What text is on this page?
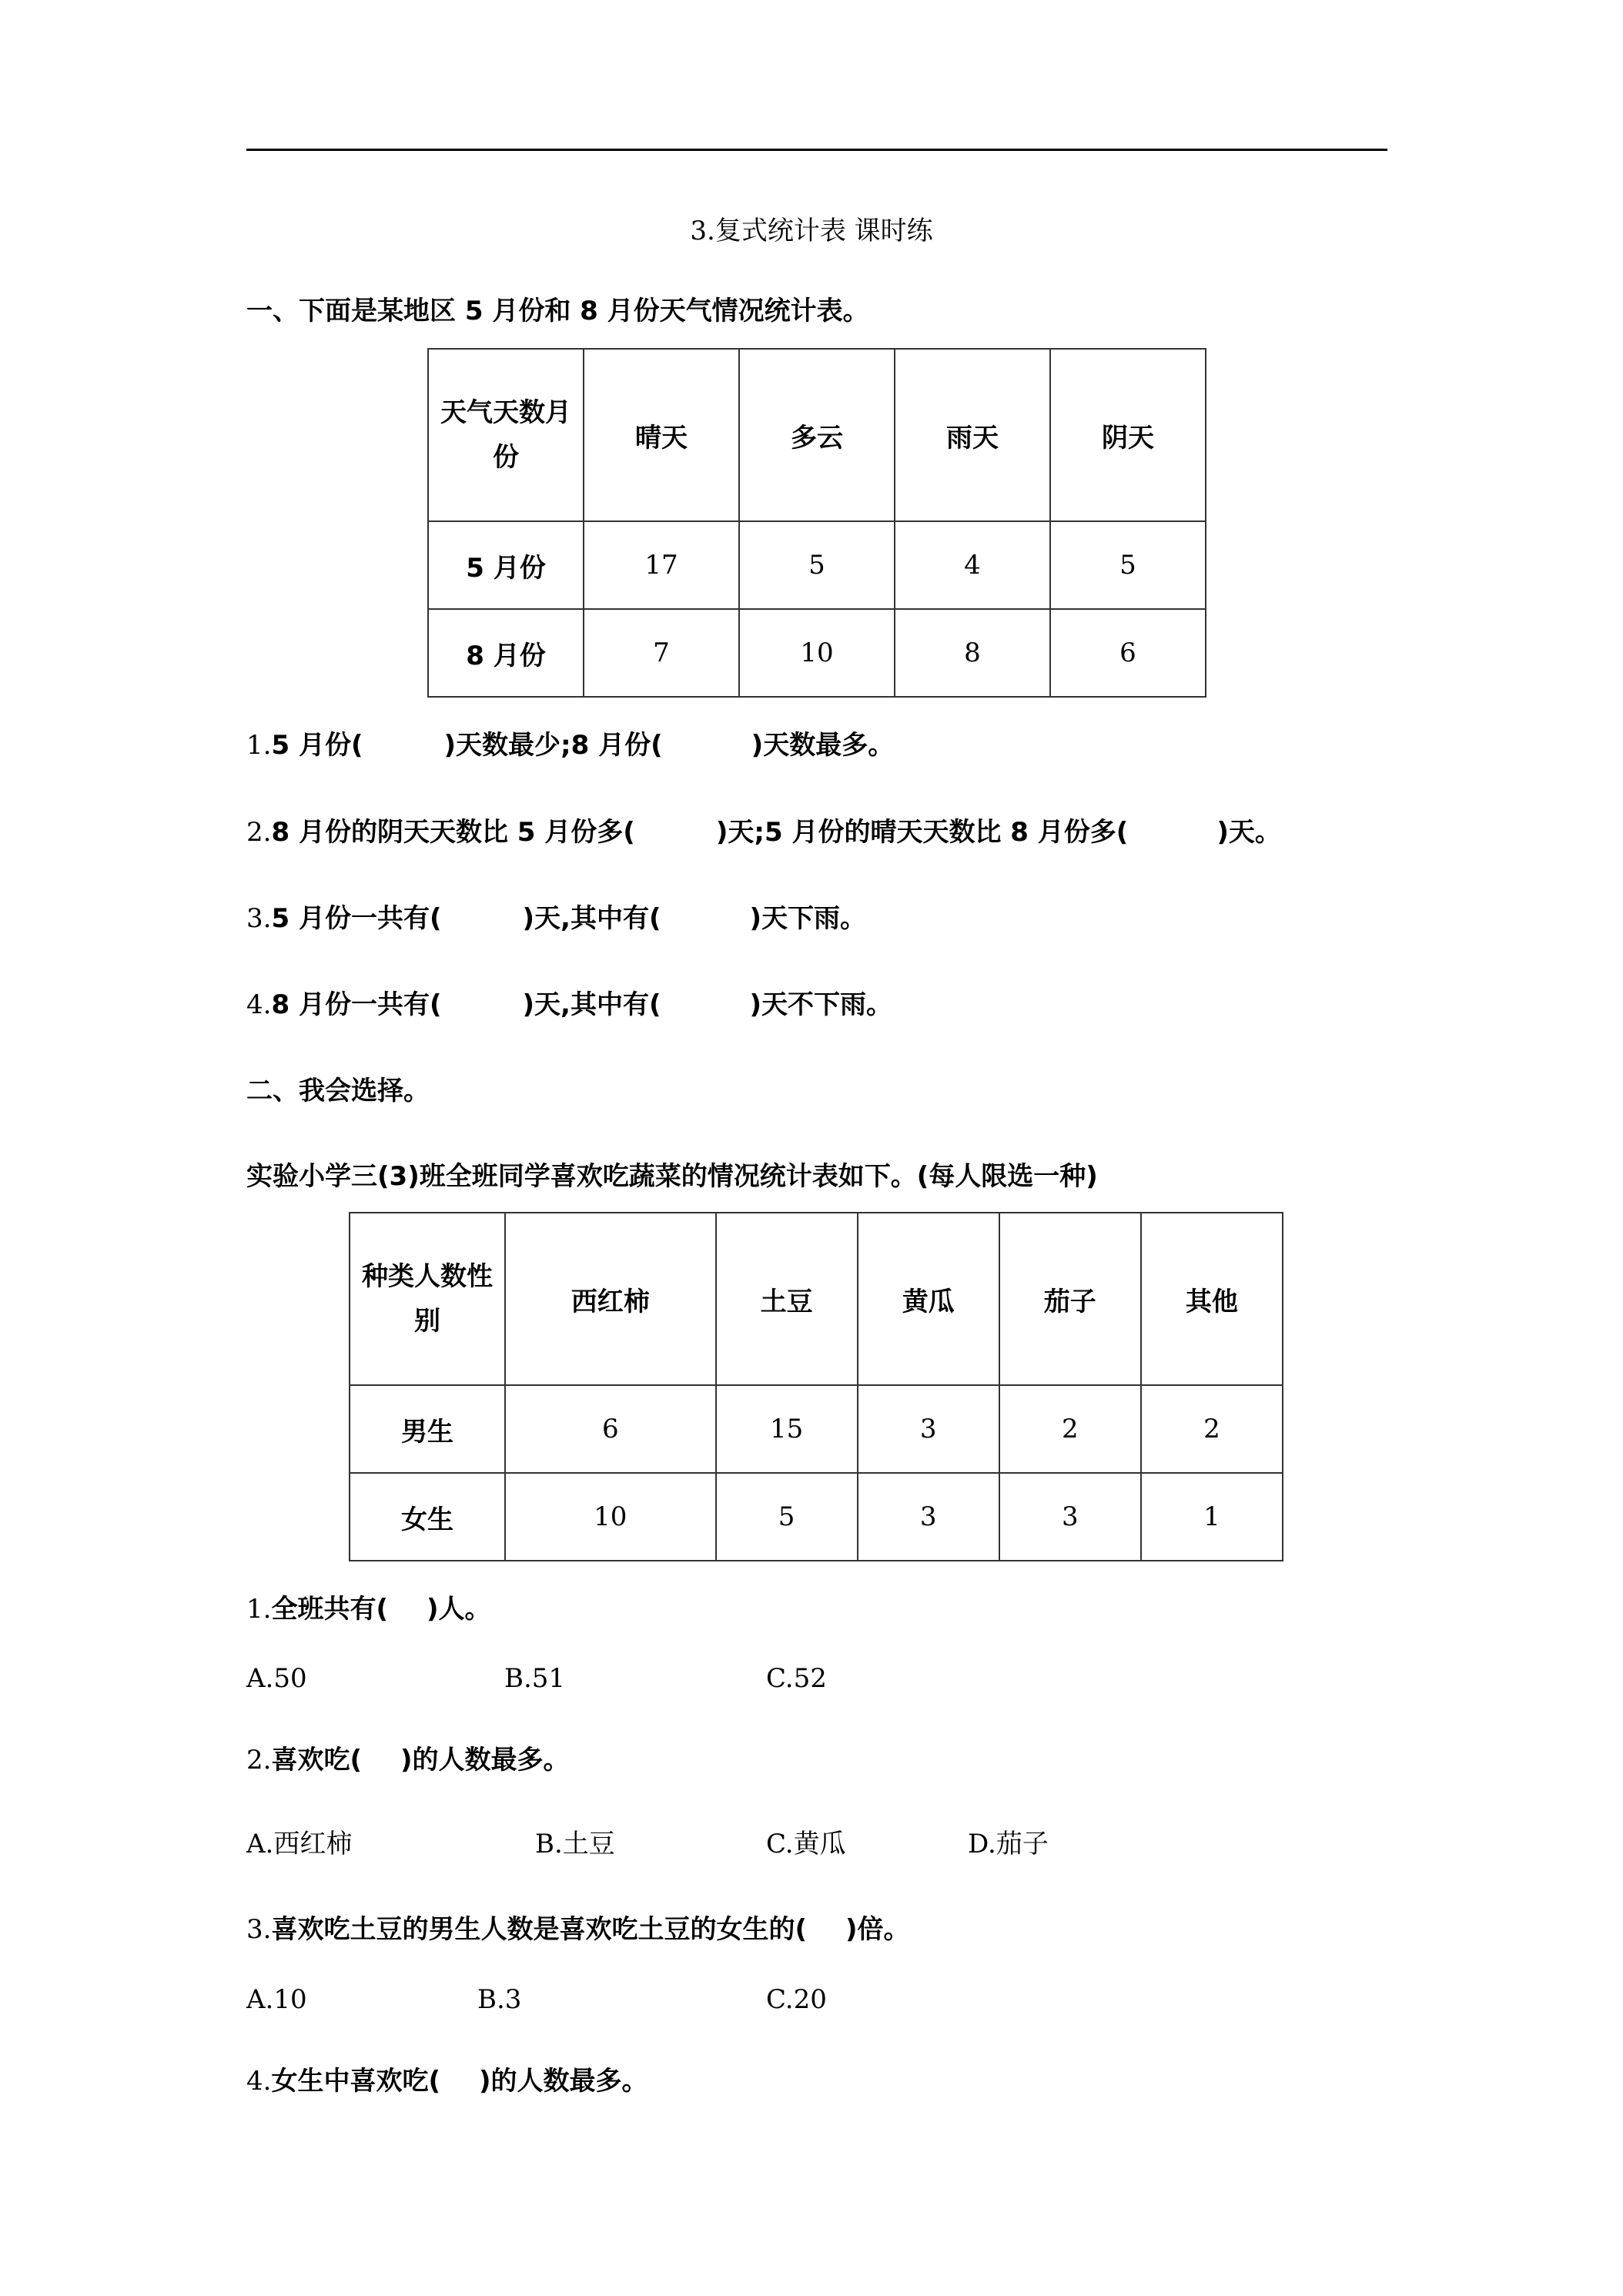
3.复式统计表 课时练
一、下面是某地区 5 月份和 8 月份天气情况统计表。
天气天数月
份	晴天	多云	雨天	阴天
5 月份	17	5	4	5
8 月份	7	10	8	6
1.5 月份(	)天数最少;8 月份(	)天数最多。
2.8 月份的阴天天数比 5 月份多(	)天;5 月份的晴天天数比 8 月份多(	)天。
3.5 月份一共有(	)天,其中有(	)天下雨。
4.8 月份一共有(	)天,其中有(	)天不下雨。
二、我会选择。
实验小学三(3)班全班同学喜欢吃蔬菜的情况统计表如下。(每人限选一种)
种类人数性
别	西红柿	土豆	黄瓜	茄子	其他
男生	6	15	3	2	2
女生	10	5	3	3	1
1.全班共有( )人。
A.50	B.51	C.52
2.喜欢吃( )的人数最多。
A.西红柿	B.土豆	C.黄瓜	D.茄子
3.喜欢吃土豆的男生人数是喜欢吃土豆的女生的( )倍。
A.10	B.3	C.20
4.女生中喜欢吃( )的人数最多。
